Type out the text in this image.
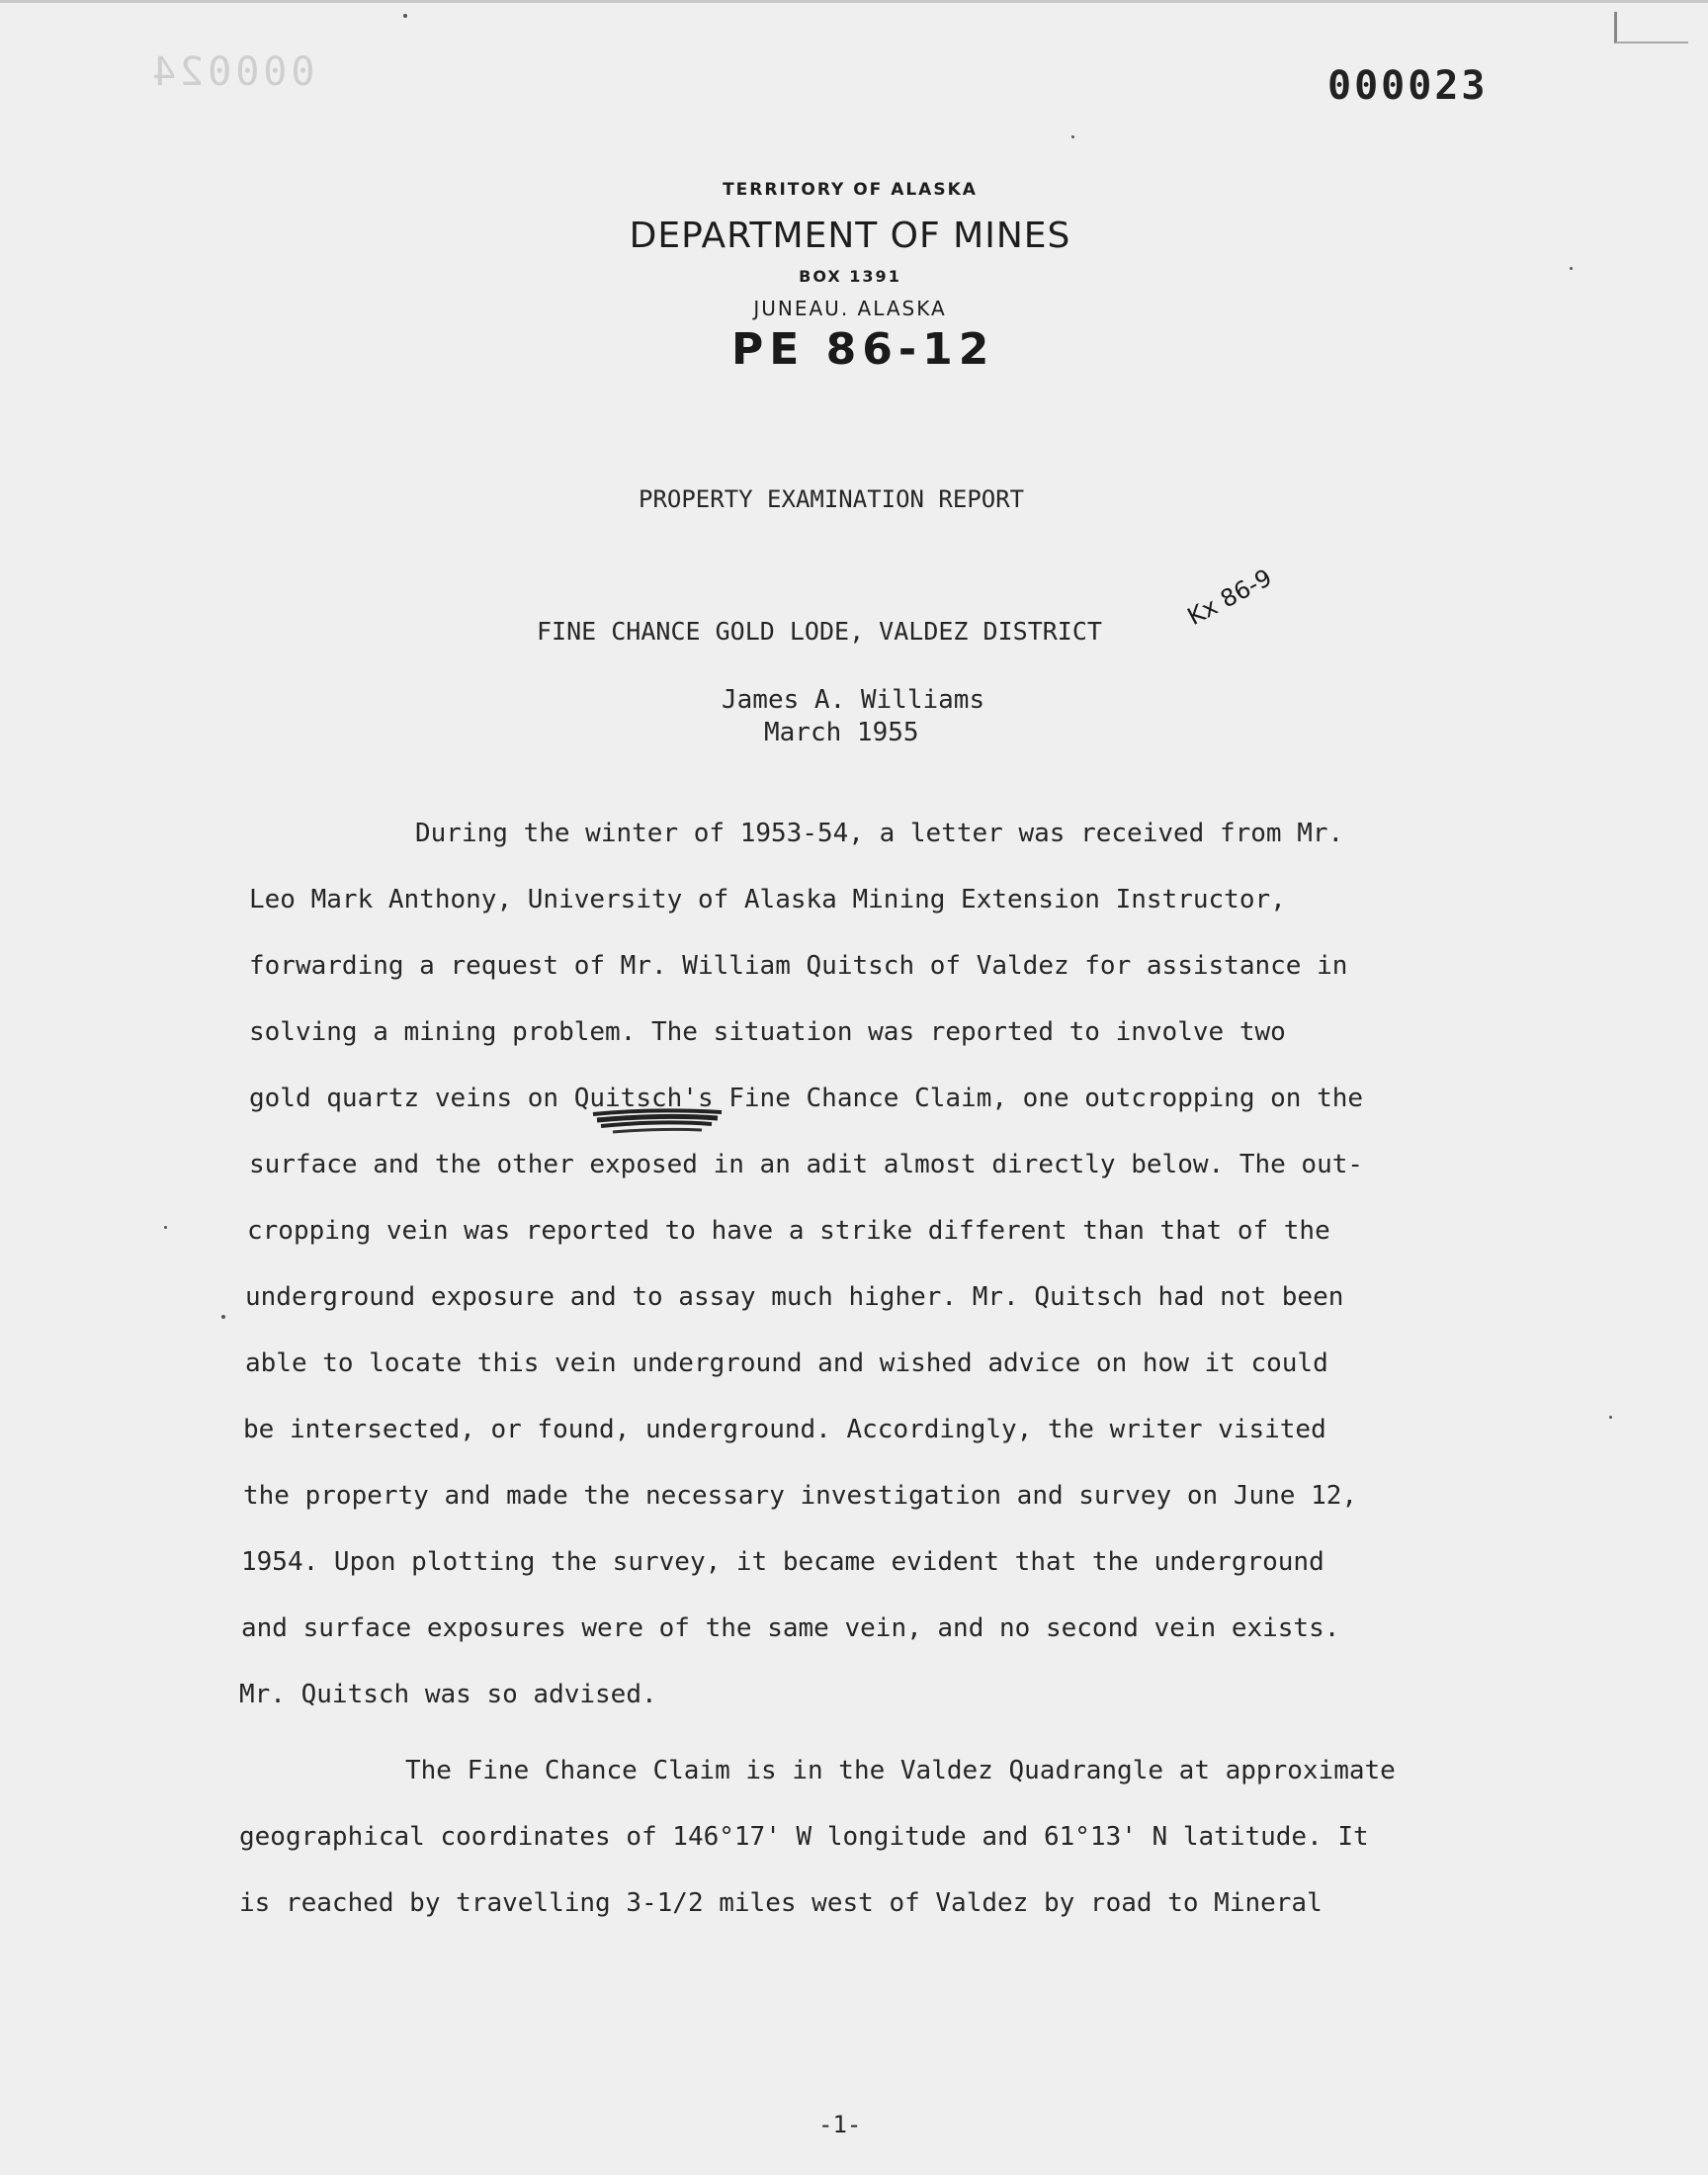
000024	000023
TERRITORY OF ALASKA
DEPARTMENT OF MINES
BOX 1391
JUNEAU. ALASKA
PE 86-12
Kx 86-9
PROPERTY EXAMINATION REPORT
FINE CHANCE GOLD LODE, VALDEZ DISTRICT
James A. Williams
March 1955
During the winter of 1953-54, a letter was received from Mr.
Leo Mark Anthony, University of Alaska Mining Extension Instructor,
forwarding a request of Mr. William Quitsch of Valdez for assistance in
solving a mining problem. The situation was reported to involve two
gold quartz veins on Quitsch's Fine Chance Claim, one outcropping on the
surface and the other exposed in an adit almost directly below. The out-
cropping vein was reported to have a strike different than that of the
underground exposure and to assay much higher. Mr. Quitsch had not been
able to locate this vein underground and wished advice on how it could
be intersected, or found, underground. Accordingly, the writer visited
the property and made the necessary investigation and survey on June 12,
1954. Upon plotting the survey, it became evident that the underground
and surface exposures were of the same vein, and no second vein exists.
Mr. Quitsch was so advised.
The Fine Chance Claim is in the Valdez Quadrangle at approximate
geographical coordinates of 146°17' W longitude and 61°13' N latitude. It
is reached by travelling 3-1/2 miles west of Valdez by road to Mineral
-1-
